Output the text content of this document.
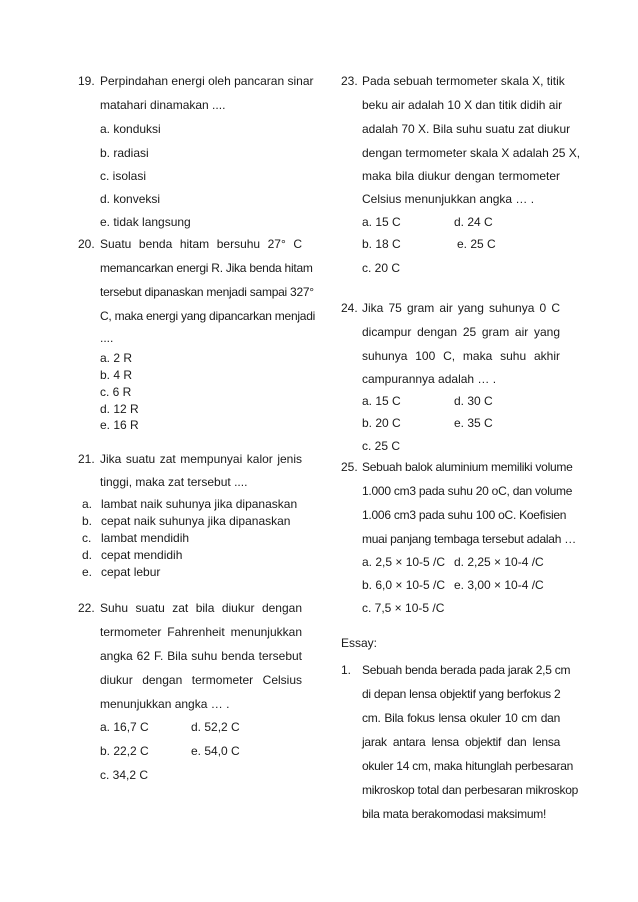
19. Perpindahan energi oleh pancaran sinar
matahari dinamakan ....
a. konduksi
b. radiasi
c. isolasi
d. konveksi
e. tidak langsung
20. Suatu benda hitam bersuhu 27° C
memancarkan energi R. Jika benda hitam
tersebut dipanaskan menjadi sampai 327°
C, maka energi yang dipancarkan menjadi
....
a. 2 R
b. 4 R
c. 6 R
d. 12 R
e. 16 R
21. Jika suatu zat mempunyai kalor jenis
tinggi, maka zat tersebut ....
a. lambat naik suhunya jika dipanaskan
b. cepat naik suhunya jika dipanaskan
c. lambat mendidih
d. cepat mendidih
e. cepat lebur
22. Suhu suatu zat bila diukur dengan
termometer Fahrenheit menunjukkan
angka 62 F. Bila suhu benda tersebut
diukur dengan termometer Celsius
menunjukkan angka … .
a. 16,7 C	d. 52,2 C
b. 22,2 C	e. 54,0 C
c. 34,2 C
23. Pada sebuah termometer skala X, titik
beku air adalah 10 X dan titik didih air
adalah 70 X. Bila suhu suatu zat diukur
dengan termometer skala X adalah 25 X,
maka bila diukur dengan termometer
Celsius menunjukkan angka … .
a. 15 C	d. 24 C
b. 18 C	e. 25 C
c. 20 C
24. Jika 75 gram air yang suhunya 0 C
dicampur dengan 25 gram air yang
suhunya 100 C, maka suhu akhir
campurannya adalah … .
a. 15 C	d. 30 C
b. 20 C	e. 35 C
c. 25 C
25. Sebuah balok aluminium memiliki volume
1.000 cm3 pada suhu 20 oC, dan volume
1.006 cm3 pada suhu 100 oC. Koefisien
muai panjang tembaga tersebut adalah …
a. 2,5 × 10-5 /C d. 2,25 × 10-4 /C
b. 6,0 × 10-5 /C e. 3,00 × 10-4 /C
c. 7,5 × 10-5 /C
Essay:
1. Sebuah benda berada pada jarak 2,5 cm
di depan lensa objektif yang berfokus 2
cm. Bila fokus lensa okuler 10 cm dan
jarak antara lensa objektif dan lensa
okuler 14 cm, maka hitunglah perbesaran
mikroskop total dan perbesaran mikroskop
bila mata berakomodasi maksimum!
